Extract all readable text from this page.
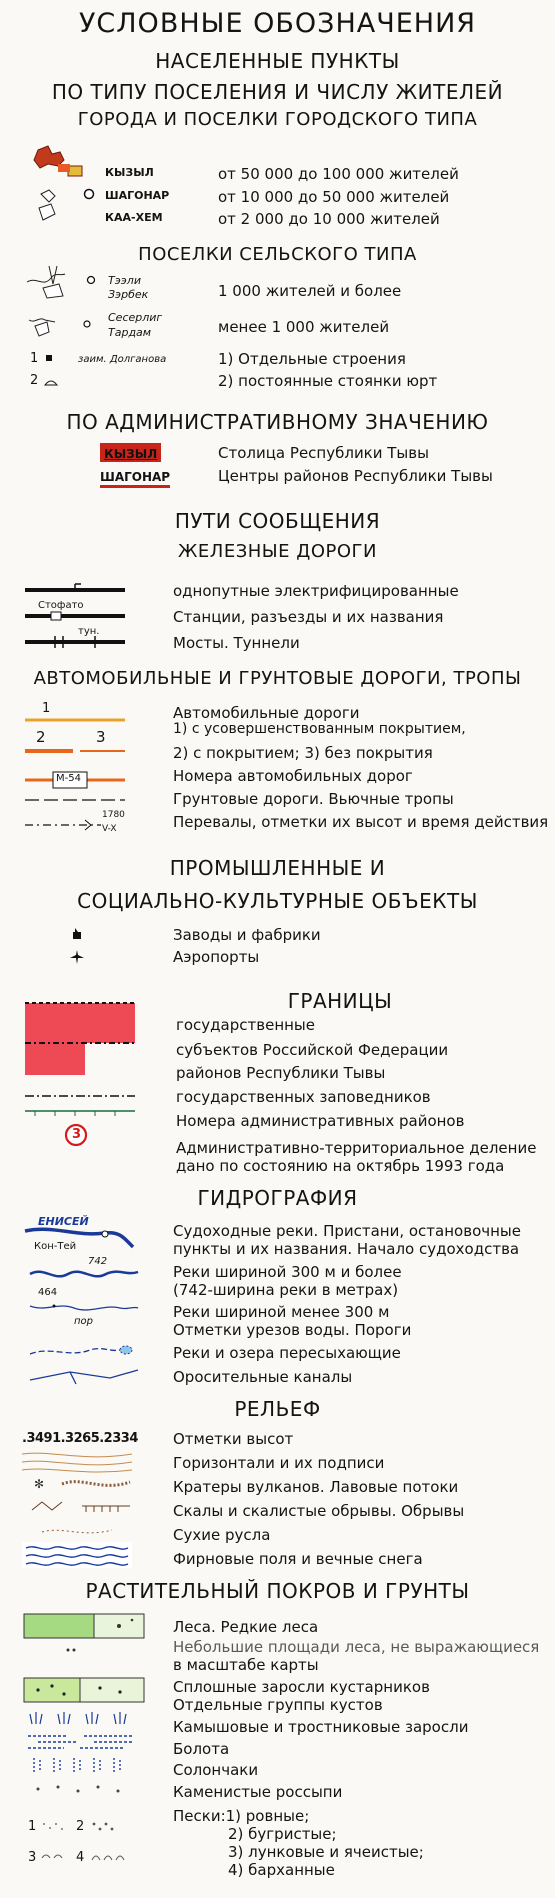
УСЛОВНЫЕ ОБОЗНАЧЕНИЯ
НАСЕЛЕННЫЕ ПУНКТЫ
ПО ТИПУ ПОСЕЛЕНИЯ И ЧИСЛУ ЖИТЕЛЕЙ
ГОРОДА И ПОСЕЛКИ ГОРОДСКОГО ТИПА
КЫЗЫЛ	от 50 000 до 100 000 жителей
ШАГОНАР	от 10 000 до 50 000 жителей
КАА-ХЕМ	от 2 000 до 10 000 жителей
ПОСЕЛКИ СЕЛЬСКОГО ТИПА
Тээли
Зэрбек	1 000 жителей и более
Сесерлиг
Тардам	менее 1 000 жителей
1	заим. Долганова	1) Отдельные строения
2	2) постоянные стоянки юрт
ПО АДМИНИСТРАТИВНОМУ ЗНАЧЕНИЮ
КЫЗЫЛ	Столица Республики Тывы
ШАГОНАР	Центры районов Республики Тывы
ПУТИ СООБЩЕНИЯ
ЖЕЛЕЗНЫЕ ДОРОГИ
однопутные электрифицированные
Стофато
Станции, разъезды и их названия
тун.
Мосты. Туннели
АВТОМОБИЛЬНЫЕ И ГРУНТОВЫЕ ДОРОГИ, ТРОПЫ
1	Автомобильные дороги
1) с усовершенствованным покрытием,
2	3
2) с покрытием; 3) без покрытия
М-54	Номера автомобильных дорог
Грунтовые дороги. Вьючные тропы
1780
V-X	Перевалы, отметки их высот и время действия
ПРОМЫШЛЕННЫЕ И
СОЦИАЛЬНО-КУЛЬТУРНЫЕ ОБЪЕКТЫ
Заводы и фабрики
Аэропорты
ГРАНИЦЫ
государственные
субъектов Российской Федерации
районов Республики Тывы
государственных заповедников
3
Номера административных районов
Административно-территориальное деление
дано по состоянию на октябрь 1993 года
ГИДРОГРАФИЯ
ЕНИСЕЙ
Кон-Тей
Судоходные реки. Пристани, остановочные
пункты и их названия. Начало судоходства
742
Реки шириной 300 м и более
(742-ширина реки в метрах)
464
пор
Реки шириной менее 300 м
Отметки урезов воды. Пороги
Реки и озера пересыхающие
Оросительные каналы
РЕЛЬЕФ
.3491.3265.2334 Отметки высот
Горизонтали и их подписи
✻	Кратеры вулканов. Лавовые потоки
Скалы и скалистые обрывы. Обрывы
Сухие русла
Фирновые поля и вечные снега
РАСТИТЕЛЬНЫЙ ПОКРОВ И ГРУНТЫ
Леса. Редкие леса
Небольшие площади леса, не выражающиеся
в масштабе карты
Сплошные заросли кустарников
Отдельные группы кустов
Камышовые и тростниковые заросли
Болота
Солончаки
Каменистые россыпи
1	2
3	4
Пески:1) ровные;
2) бугристые;
3) лунковые и ячеистые;
4) барханные
